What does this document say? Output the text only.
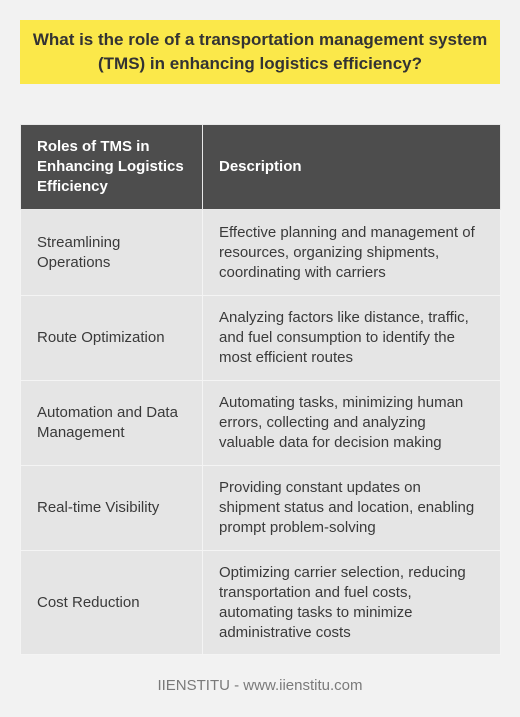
What is the role of a transportation management system (TMS) in enhancing logistics efficiency?
Roles of TMS in Enhancing Logistics Efficiency	Description
Streamlining Operations	Effective planning and management of resources, organizing shipments, coordinating with carriers
Route Optimization	Analyzing factors like distance, traffic, and fuel consumption to identify the most efficient routes
Automation and Data Management	Automating tasks, minimizing human errors, collecting and analyzing valuable data for decision making
Real-time Visibility	Providing constant updates on shipment status and location, enabling prompt problem-solving
Cost Reduction	Optimizing carrier selection, reducing transportation and fuel costs, automating tasks to minimize administrative costs
IIENSTITU - www.iienstitu.com
